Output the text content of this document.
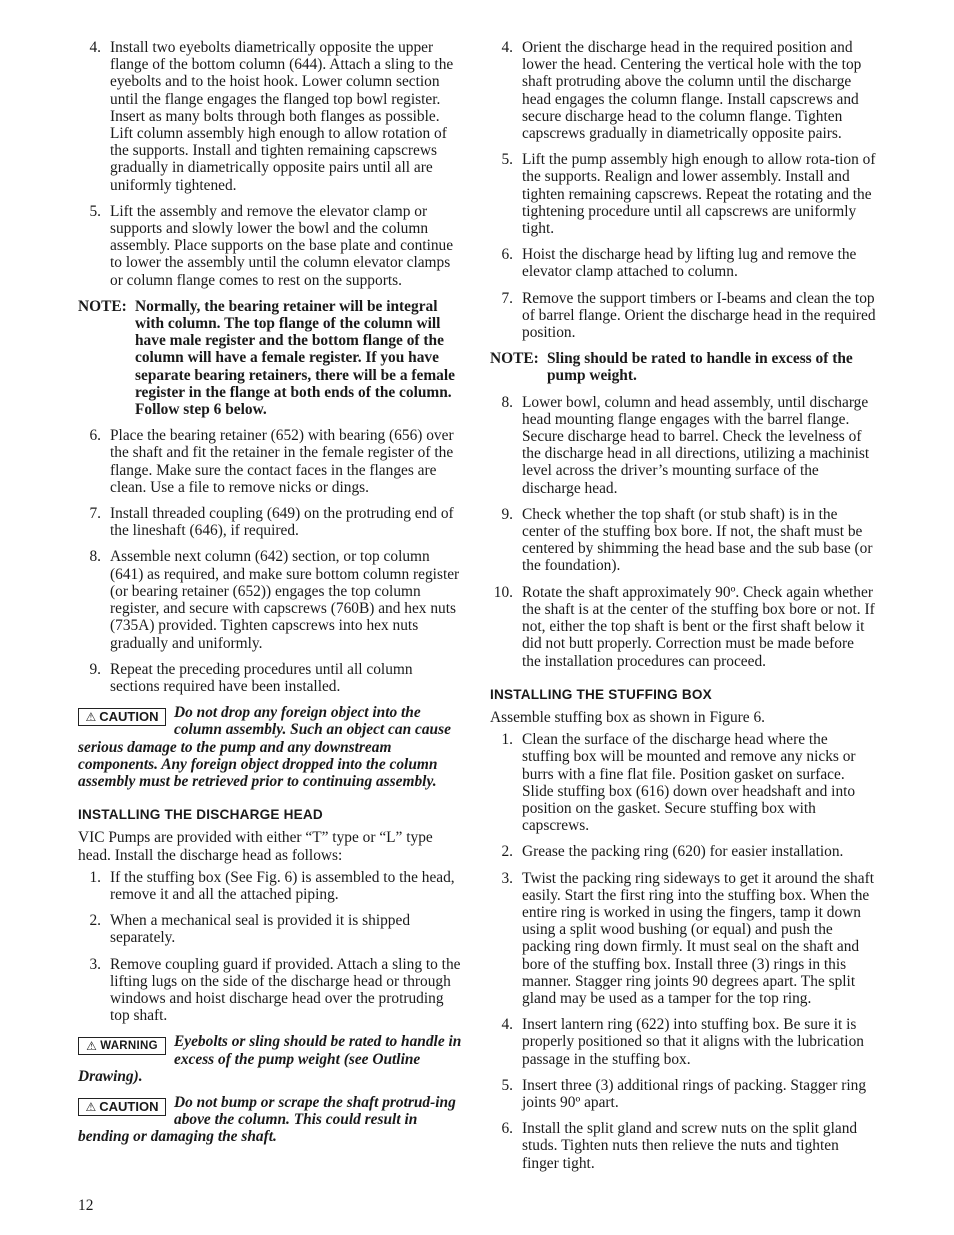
4. Install two eyebolts diametrically opposite the upper flange of the bottom column (644). Attach a sling to the eyebolts and to the hoist hook. Lower column section until the flange engages the flanged top bowl register. Insert as many bolts through both flanges as possible. Lift column assembly high enough to allow rotation of the supports. Install and tighten remaining capscrews gradually in diametrically opposite pairs until all are uniformly tightened.
5. Lift the assembly and remove the elevator clamp or supports and slowly lower the bowl and the column assembly. Place supports on the base plate and continue to lower the assembly until the column elevator clamps or column flange comes to rest on the supports.
NOTE: Normally, the bearing retainer will be integral with column. The top flange of the column will have male register and the bottom flange of the column will have a female register. If you have separate bearing retainers, there will be a female register in the flange at both ends of the column. Follow step 6 below.
6. Place the bearing retainer (652) with bearing (656) over the shaft and fit the retainer in the female register of the flange. Make sure the contact faces in the flanges are clean. Use a file to remove nicks or dings.
7. Install threaded coupling (649) on the protruding end of the lineshaft (646), if required.
8. Assemble next column (642) section, or top column (641) as required, and make sure bottom column register (or bearing retainer (652)) engages the top column register, and secure with capscrews (760B) and hex nuts (735A) provided. Tighten capscrews into hex nuts gradually and uniformly.
9. Repeat the preceding procedures until all column sections required have been installed.
⚠ CAUTION Do not drop any foreign object into the column assembly. Such an object can cause serious damage to the pump and any downstream components. Any foreign object dropped into the column assembly must be retrieved prior to continuing assembly.
INSTALLING THE DISCHARGE HEAD
VIC Pumps are provided with either “T” type or “L” type head. Install the discharge head as follows:
1. If the stuffing box (See Fig. 6) is assembled to the head, remove it and all the attached piping.
2. When a mechanical seal is provided it is shipped separately.
3. Remove coupling guard if provided. Attach a sling to the lifting lugs on the side of the discharge head or through windows and hoist discharge head over the protruding top shaft.
⚠ WARNING Eyebolts or sling should be rated to handle in excess of the pump weight (see Outline Drawing).
⚠ CAUTION Do not bump or scrape the shaft protrud-ing above the column. This could result in bending or damaging the shaft.
4. Orient the discharge head in the required position and lower the head. Centering the vertical hole with the top shaft protruding above the column until the discharge head engages the column flange. Install capscrews and secure discharge head to the column flange. Tighten capscrews gradually in diametrically opposite pairs.
5. Lift the pump assembly high enough to allow rota-tion of the supports. Realign and lower assembly. Install and tighten remaining capscrews. Repeat the rotating and the tightening procedure until all capscrews are uniformly tight.
6. Hoist the discharge head by lifting lug and remove the elevator clamp attached to column.
7. Remove the support timbers or I-beams and clean the top of barrel flange. Orient the discharge head in the required position.
NOTE: Sling should be rated to handle in excess of the pump weight.
8. Lower bowl, column and head assembly, until discharge head mounting flange engages with the barrel flange. Secure discharge head to barrel. Check the levelness of the discharge head in all directions, utilizing a machinist level across the driver’s mounting surface of the discharge head.
9. Check whether the top shaft (or stub shaft) is in the center of the stuffing box bore. If not, the shaft must be centered by shimming the head base and the sub base (or the foundation).
10. Rotate the shaft approximately 90º. Check again whether the shaft is at the center of the stuffing box bore or not. If not, either the top shaft is bent or the first shaft below it did not butt properly. Correction must be made before the installation procedures can proceed.
INSTALLING THE STUFFING BOX
Assemble stuffing box as shown in Figure 6.
1. Clean the surface of the discharge head where the stuffing box will be mounted and remove any nicks or burrs with a fine flat file. Position gasket on surface. Slide stuffing box (616) down over headshaft and into position on the gasket. Secure stuffing box with capscrews.
2. Grease the packing ring (620) for easier installation.
3. Twist the packing ring sideways to get it around the shaft easily. Start the first ring into the stuffing box. When the entire ring is worked in using the fingers, tamp it down using a split wood bushing (or equal) and push the packing ring down firmly. It must seal on the shaft and bore of the stuffing box. Install three (3) rings in this manner. Stagger ring joints 90 degrees apart. The split gland may be used as a tamper for the top ring.
4. Insert lantern ring (622) into stuffing box. Be sure it is properly positioned so that it aligns with the lubrication passage in the stuffing box.
5. Insert three (3) additional rings of packing. Stagger ring joints 90º apart.
6. Install the split gland and screw nuts on the split gland studs. Tighten nuts then relieve the nuts and tighten finger tight.
12
